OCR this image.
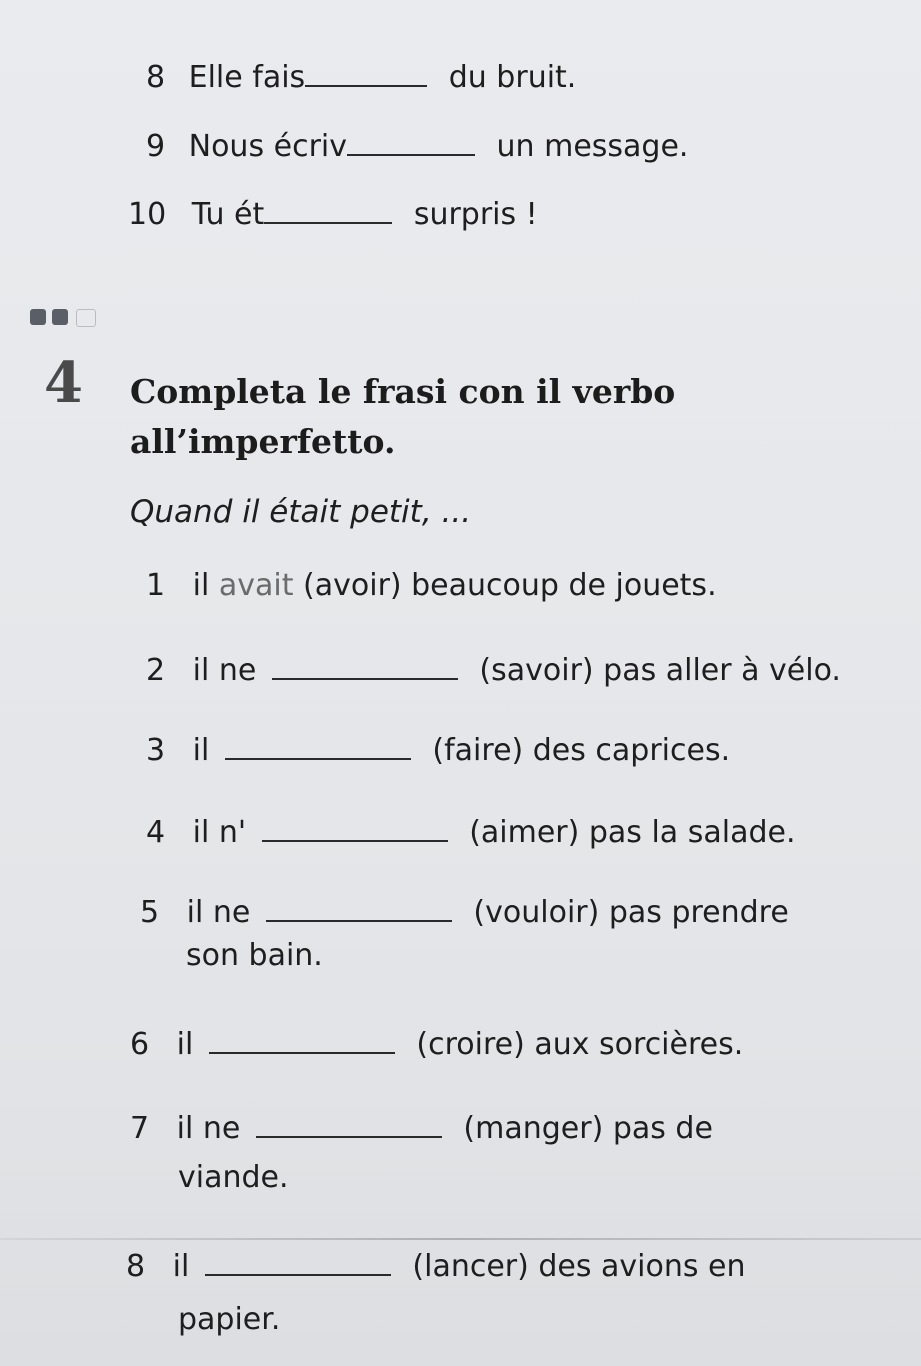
8 Elle fais	du bruit.
9 Nous écriv	un message.
10 Tu ét	surpris !
4 Completa le frasi con il verbo
all’imperfetto.
Quand il était petit, ...
1 il avait (avoir) beaucoup de jouets.
2 il ne	(savoir) pas aller à vélo.
3 il	(faire) des caprices.
4 il n'	(aimer) pas la salade.
5 il ne	(vouloir) pas prendre
son bain.
6 il	(croire) aux sorcières.
7 il ne	(manger) pas de
viande.
8 il	(lancer) des avions en
papier.
